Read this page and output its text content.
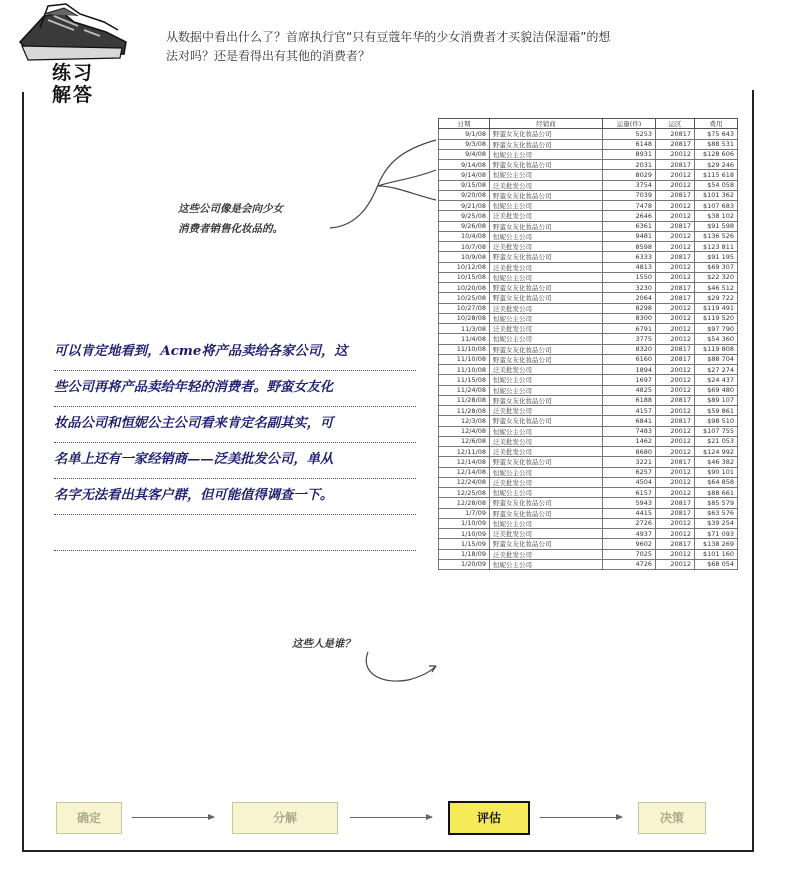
练习
解答
从数据中看出什么了？首席执行官“只有豆蔻年华的少女消费者才买貌洁保湿霜”的想
法对吗？还是看得出有其他的消费者？
日期	经销商	运量(件)	运区	费用
9/1/08	野蛮女友化妆品公司	5253	20817	$75 643
9/3/08	野蛮女友化妆品公司	6148	20817	$88 531
9/4/08	恒妮公主公司	8931	20012	$128 606
9/14/08	野蛮女友化妆品公司	2031	20817	$29 246
9/14/08	恒妮公主公司	8029	20012	$115 618
9/15/08	泛美批发公司	3754	20012	$54 058
9/20/08	野蛮女友化妆品公司	7039	20817	$101 362
9/21/08	恒妮公主公司	7478	20012	$107 683
9/25/08	泛美批发公司	2646	20012	$38 102
9/26/08	野蛮女友化妆品公司	6361	20817	$91 598
10/4/08	恒妮公主公司	9481	20012	$136 526
10/7/08	泛美批发公司	8598	20012	$123 811
10/9/08	野蛮女友化妆品公司	6333	20817	$91 195
10/12/08	泛美批发公司	4813	20012	$69 307
10/15/08	恒妮公主公司	1550	20012	$22 320
10/20/08	野蛮女友化妆品公司	3230	20817	$46 512
10/25/08	野蛮女友化妆品公司	2064	20817	$29 722
10/27/08	泛美批发公司	8298	20012	$119 491
10/28/08	恒妮公主公司	8300	20012	$119 520
11/3/08	泛美批发公司	6791	20012	$97 790
11/4/08	恒妮公主公司	3775	20012	$54 360
11/10/08	野蛮女友化妆品公司	8320	20817	$119 808
11/10/08	野蛮女友化妆品公司	6160	20817	$88 704
11/10/08	泛美批发公司	1894	20012	$27 274
11/15/08	恒妮公主公司	1697	20012	$24 437
11/24/08	恒妮公主公司	4825	20012	$69 480
11/28/08	野蛮女友化妆品公司	6188	20817	$89 107
11/28/08	泛美批发公司	4157	20012	$59 861
12/3/08	野蛮女友化妆品公司	6841	20817	$98 510
12/4/08	恒妮公主公司	7483	20012	$107 755
12/6/08	泛美批发公司	1462	20012	$21 053
12/11/08	泛美批发公司	8680	20012	$124 992
12/14/08	野蛮女友化妆品公司	3221	20817	$46 382
12/14/08	恒妮公主公司	6257	20012	$90 101
12/24/08	泛美批发公司	4504	20012	$64 858
12/25/08	恒妮公主公司	6157	20012	$88 661
12/28/08	野蛮女友化妆品公司	5943	20817	$85 579
1/7/09	野蛮女友化妆品公司	4415	20817	$63 576
1/10/09	恒妮公主公司	2726	20012	$39 254
1/10/09	泛美批发公司	4937	20012	$71 093
1/15/09	野蛮女友化妆品公司	9602	20817	$138 269
1/18/09	泛美批发公司	7025	20012	$101 160
1/20/09	恒妮公主公司	4726	20012	$68 054
这些公司像是会向少女
消费者销售化妆品的。
这些人是谁？
可以肯定地看到，Acme将产品卖给各家公司，这
些公司再将产品卖给年轻的消费者。野蛮女友化
妆品公司和恒妮公主公司看来肯定名副其实，可
名单上还有一家经销商——泛美批发公司，单从
名字无法看出其客户群，但可能值得调查一下。
确定	分解	评估	决策
